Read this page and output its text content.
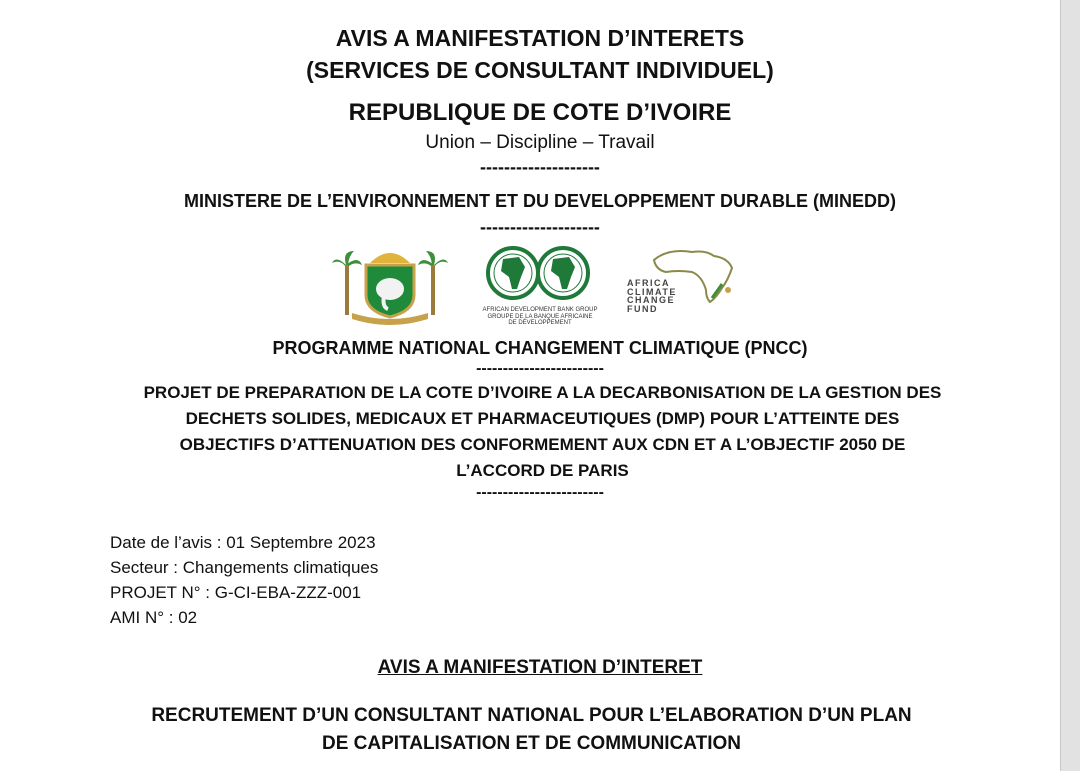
AVIS A MANIFESTATION D’INTERETS
(SERVICES DE CONSULTANT INDIVIDUEL)
REPUBLIQUE DE COTE D’IVOIRE
Union – Discipline – Travail
--------------------
MINISTERE DE L’ENVIRONNEMENT ET DU DEVELOPPEMENT DURABLE (MINEDD)
--------------------
AFRICAN DEVELOPMENT BANK GROUP
GROUPE DE LA BANQUE AFRICAINE
DE DÉVELOPPEMENT
AFRICA
CLIMATE
CHANGE
FUND
PROGRAMME NATIONAL CHANGEMENT CLIMATIQUE (PNCC)
------------------------
PROJET DE PREPARATION DE LA COTE D’IVOIRE A LA DECARBONISATION DE LA GESTION DES
DECHETS SOLIDES, MEDICAUX ET PHARMACEUTIQUES (DMP) POUR L’ATTEINTE DES
OBJECTIFS D’ATTENUATION DES CONFORMEMENT AUX CDN ET A L’OBJECTIF 2050 DE
L’ACCORD DE PARIS
------------------------
Date de l’avis : 01 Septembre 2023
Secteur : Changements climatiques
PROJET N° : G-CI-EBA-ZZZ-001
AMI N° : 02
AVIS A MANIFESTATION D’INTERET
RECRUTEMENT D’UN CONSULTANT NATIONAL POUR L’ELABORATION D’UN PLAN
DE CAPITALISATION ET DE COMMUNICATION
